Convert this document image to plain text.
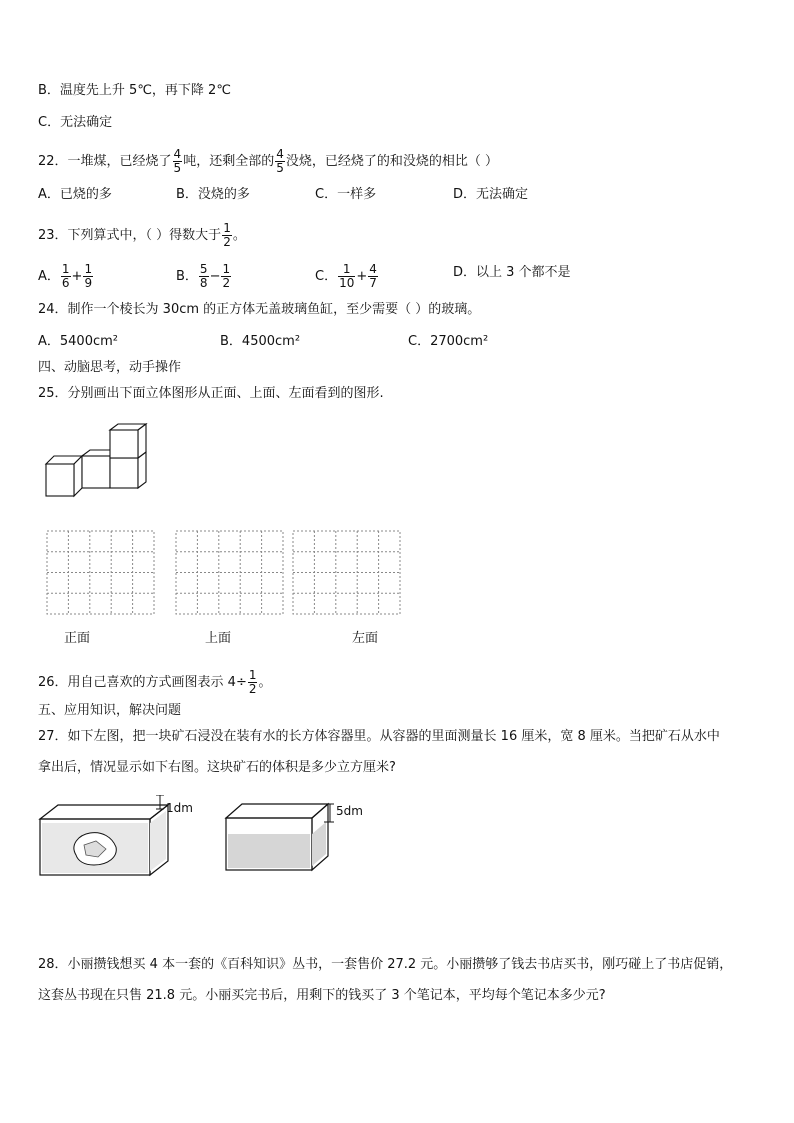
B．温度先上升 5℃，再下降 2℃
C．无法确定
22．一堆煤，已经烧了 $\frac{4}{5}$ 吨，还剩全部的 $\frac{4}{5}$ 没烧，已经烧了的和没烧的相比（ ）
A．已烧的多	B．没烧的多	C．一样多	D．无法确定
23．下列算式中，（ ）得数大于 $\frac{1}{2}$ 。
A． $\frac{1}{6} + \frac{1}{9}$	B． $\frac{5}{8} - \frac{1}{2}$	C． $\frac{1}{10} + \frac{4}{7}$	D．以上 3 个都不是
24．制作一个棱长为 30cm 的正方体无盖玻璃鱼缸，至少需要（ ）的玻璃。
A．5400cm²	B．4500cm²	C．2700cm²
四、动脑思考，动手操作
25．分别画出下面立体图形从正面、上面、左面看到的图形.
正面	上面	左面
26．用自己喜欢的方式画图表示 $4\div \frac{1}{2}$ 。
五、应用知识，解决问题
27．如下左图，把一块矿石浸没在装有水的长方体容器里。从容器的里面测量长 16 厘米，宽 8 厘米。当把矿石从水中
拿出后，情况显示如下右图。这块矿石的体积是多少立方厘米?
1dm	5dm
28．小丽攒钱想买 4 本一套的《百科知识》丛书，一套售价 27.2 元。小丽攒够了钱去书店买书，刚巧碰上了书店促销，
这套丛书现在只售 21.8 元。小丽买完书后，用剩下的钱买了 3 个笔记本，平均每个笔记本多少元?
